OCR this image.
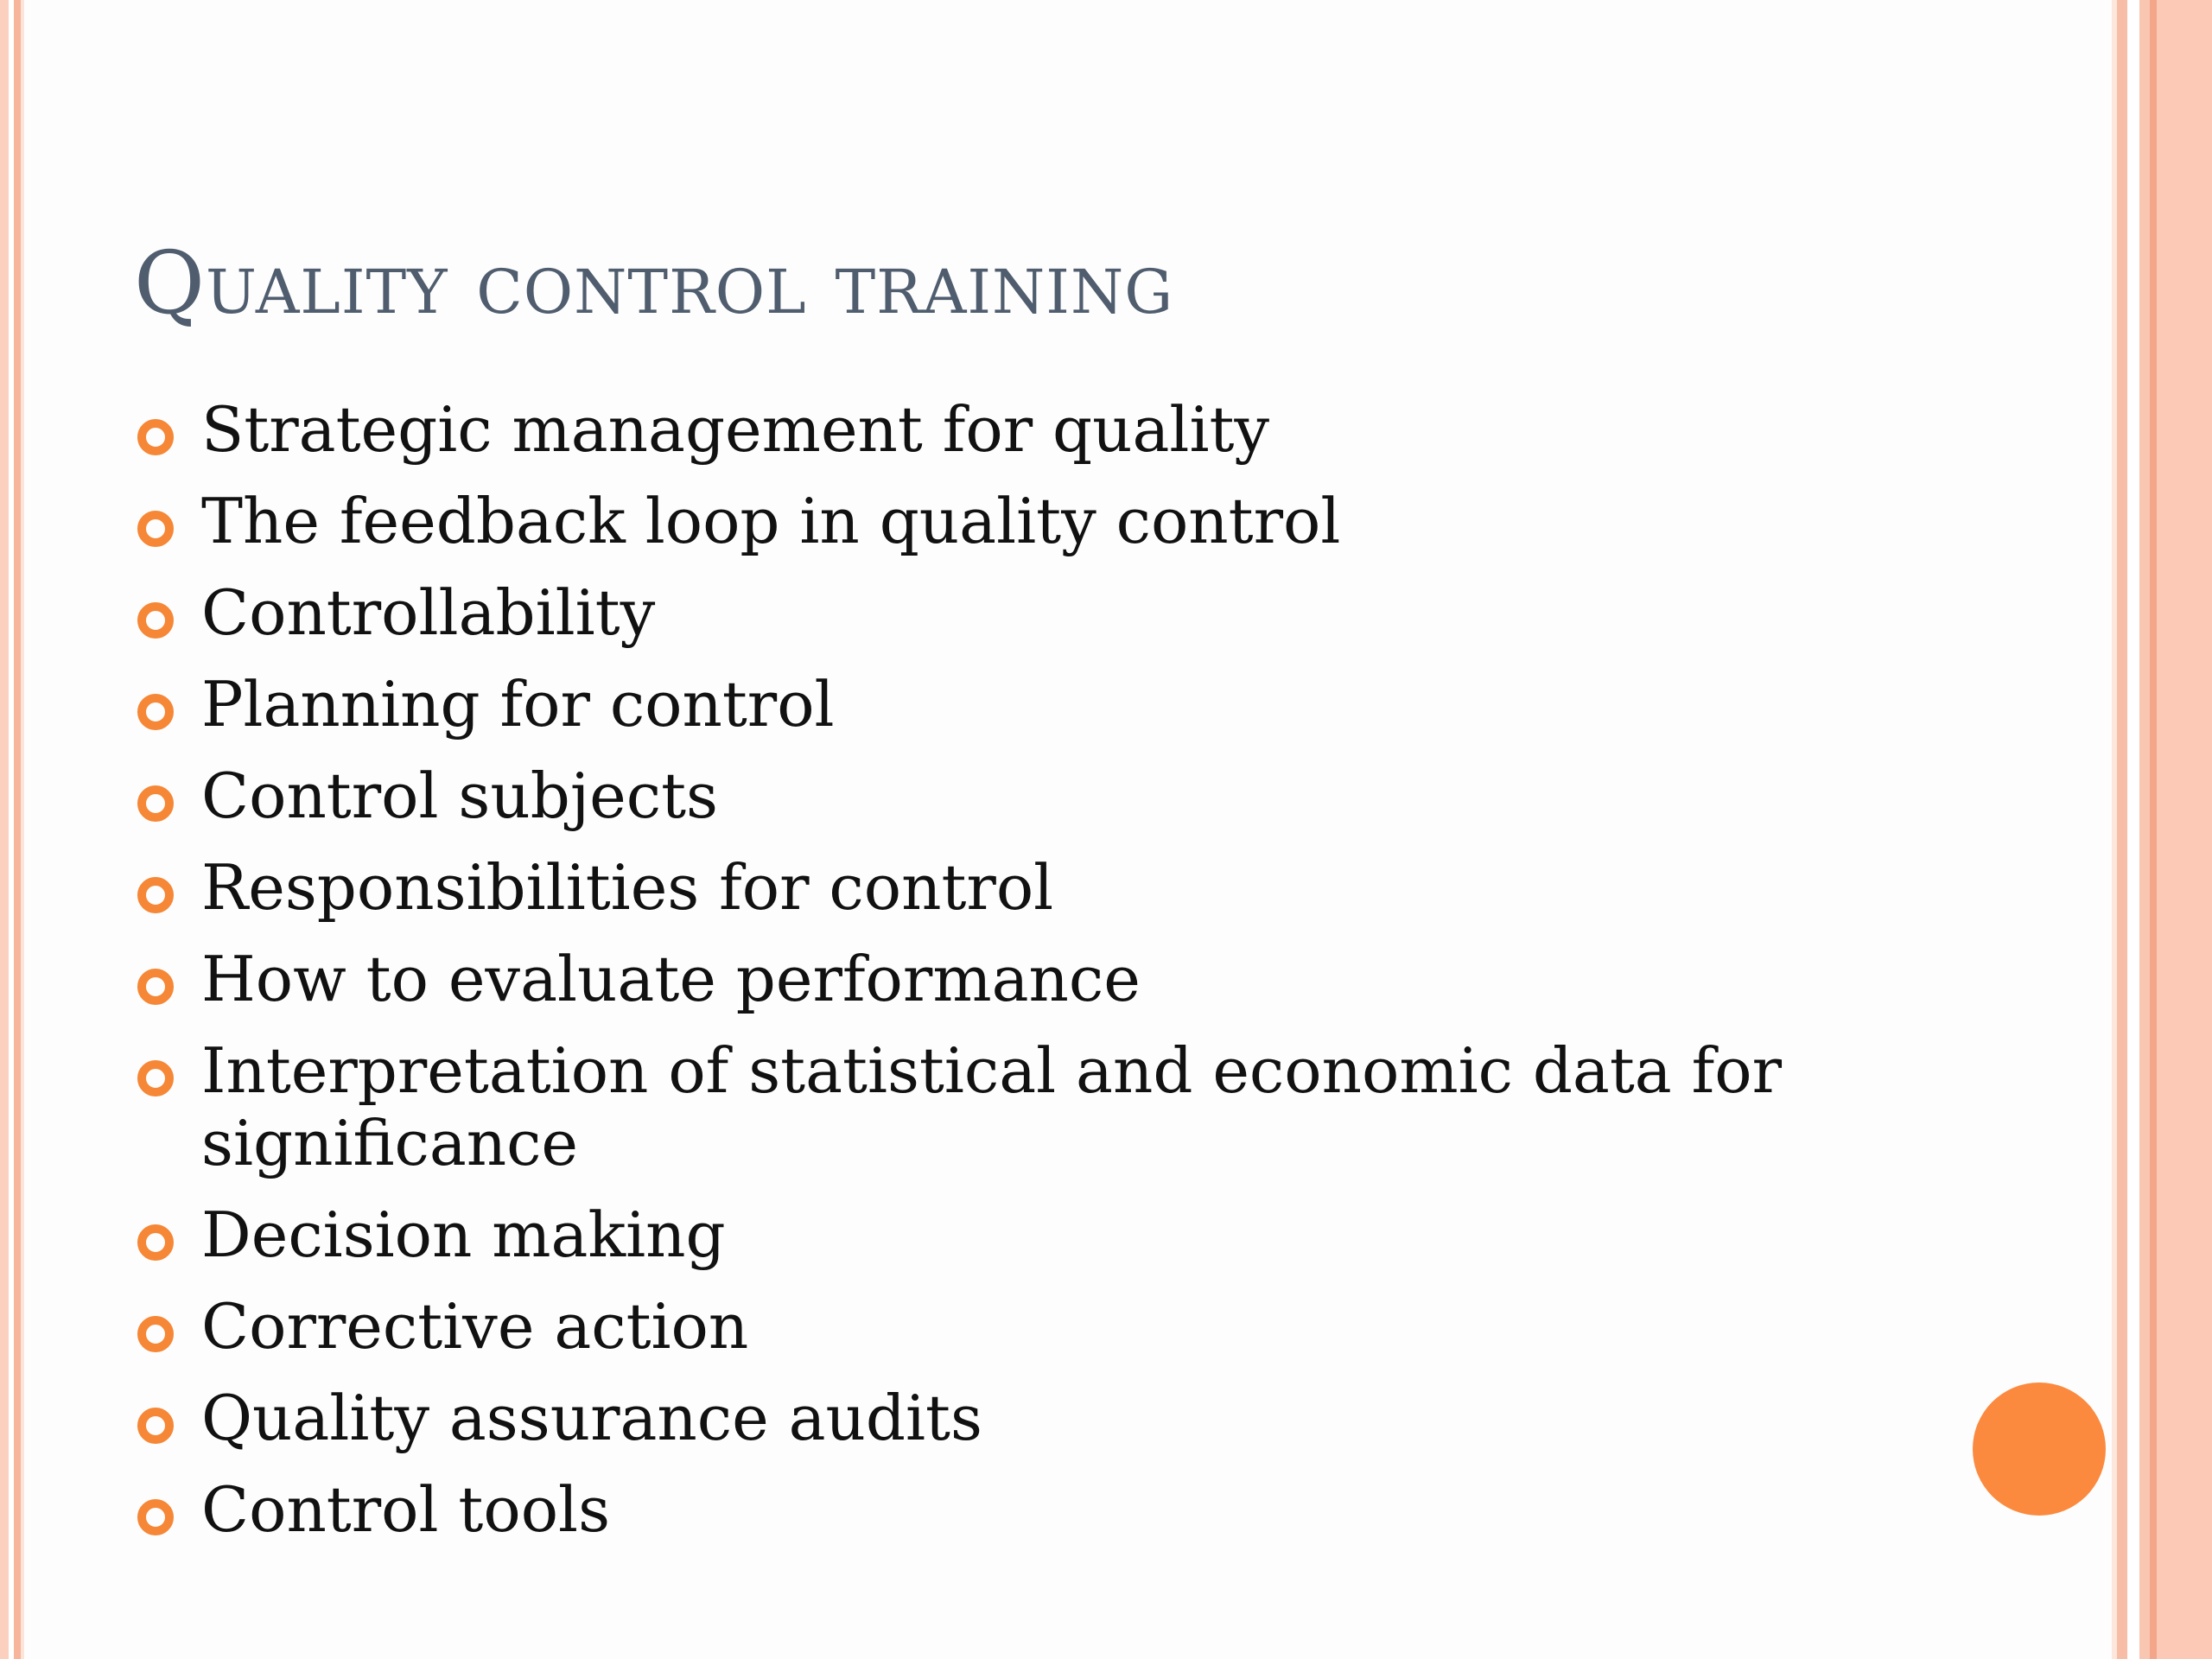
Quality control training
Strategic management for quality
The feedback loop in quality control
Controllability
Planning for control
Control subjects
Responsibilities for control
How to evaluate performance
Interpretation of statistical and economic data for significance
Decision making
Corrective action
Quality assurance audits
Control tools
